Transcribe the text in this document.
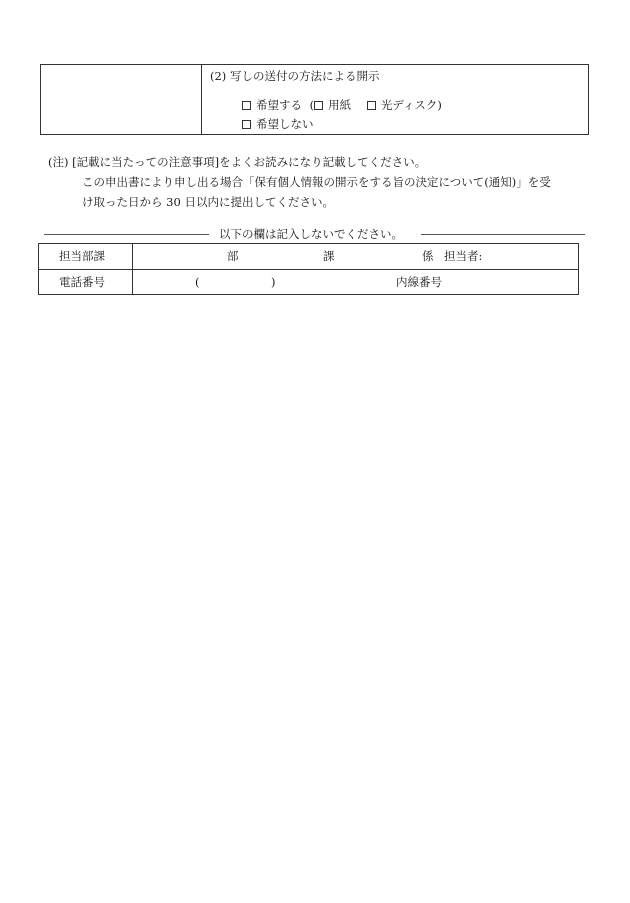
(2) 写しの送付の方法による開示
希望する ( 用紙	光ディスク)
希望しない
(注) [記載に当たっての注意事項]をよくお読みになり記載してください。
この申出書により申し出る場合「保有個人情報の開示をする旨の決定について(通知)」を受
け取った日から 30 日以内に提出してください。
以下の欄は記入しないでください。
担当部課	部	課	係 担当者:
電話番号	(	)	内線番号
